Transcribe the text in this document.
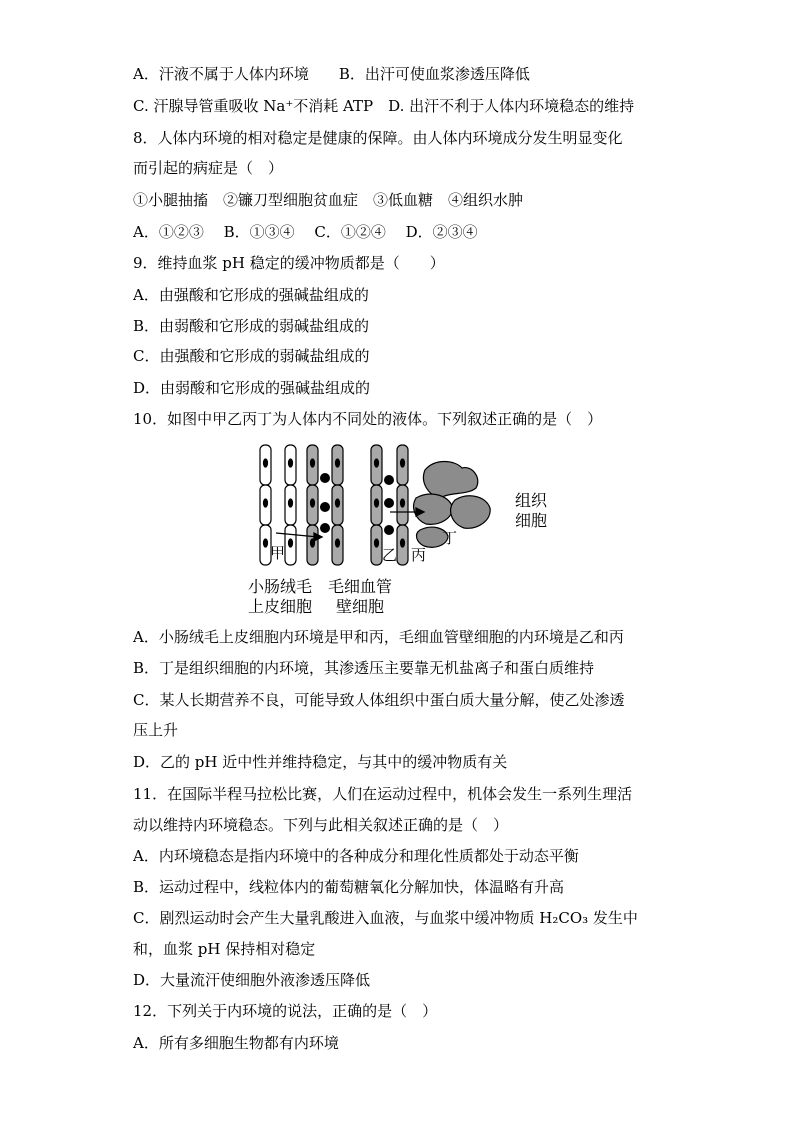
A．汗液不属于人体内环境　　B．出汗可使血浆渗透压降低
C. 汗腺导管重吸收 Na⁺不消耗 ATP　D. 出汗不利于人体内环境稳态的维持
8．人体内环境的相对稳定是健康的保障。由人体内环境成分发生明显变化
而引起的病症是（　）
①小腿抽搐　②镰刀型细胞贫血症　③低血糖　④组织水肿
A．①②③　 B．①③④　 C．①②④　 D．②③④
9．维持血浆 pH 稳定的缓冲物质都是（　　）
A．由强酸和它形成的强碱盐组成的
B．由弱酸和它形成的弱碱盐组成的
C．由强酸和它形成的弱碱盐组成的
D．由弱酸和它形成的强碱盐组成的
10．如图中甲乙丙丁为人体内不同处的液体。下列叙述正确的是（　）
甲	乙 丙
丁
组织
细胞
小肠绒毛
上皮细胞
毛细血管
壁细胞
A．小肠绒毛上皮细胞内环境是甲和丙，毛细血管壁细胞的内环境是乙和丙
B．丁是组织细胞的内环境，其渗透压主要靠无机盐离子和蛋白质维持
C．某人长期营养不良，可能导致人体组织中蛋白质大量分解，使乙处渗透
压上升
D．乙的 pH 近中性并维持稳定，与其中的缓冲物质有关
11．在国际半程马拉松比赛，人们在运动过程中，机体会发生一系列生理活
动以维持内环境稳态。下列与此相关叙述正确的是（　）
A．内环境稳态是指内环境中的各种成分和理化性质都处于动态平衡
B．运动过程中，线粒体内的葡萄糖氧化分解加快，体温略有升高
C．剧烈运动时会产生大量乳酸进入血液，与血浆中缓冲物质 H₂CO₃ 发生中
和，血浆 pH 保持相对稳定
D．大量流汗使细胞外液渗透压降低
12．下列关于内环境的说法，正确的是（　）
A．所有多细胞生物都有内环境
